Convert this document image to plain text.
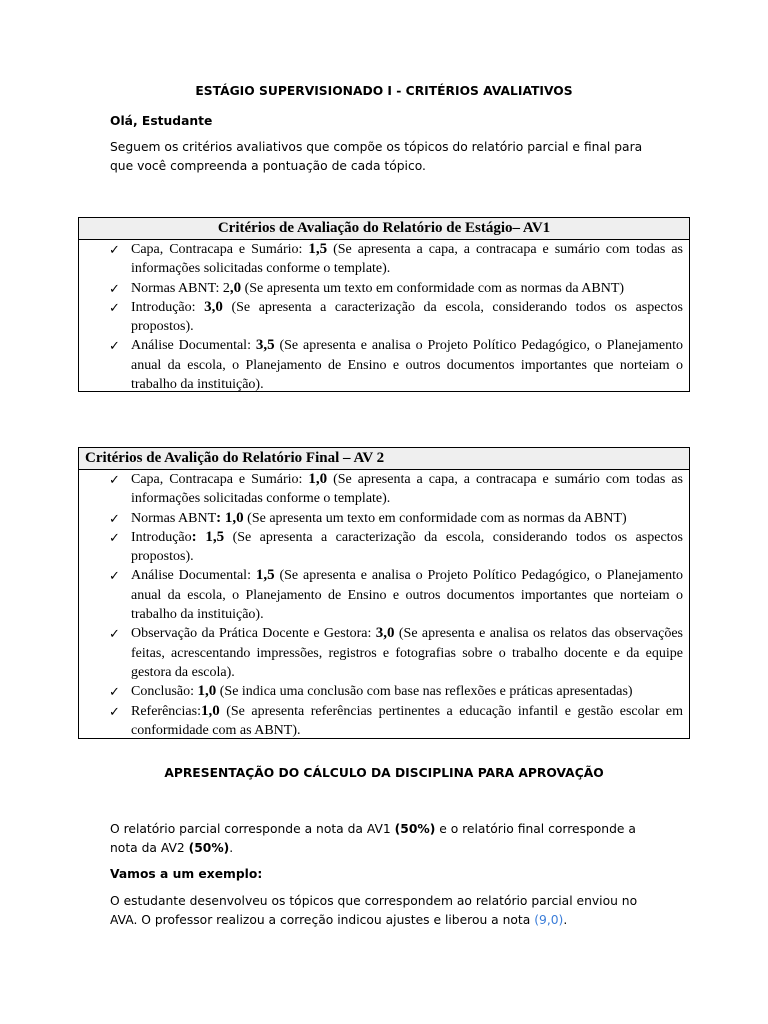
ESTÁGIO SUPERVISIONADO I - CRITÉRIOS AVALIATIVOS
Olá, Estudante
Seguem os critérios avaliativos que compõe os tópicos do relatório parcial e final para que você compreenda a pontuação de cada tópico.
Critérios de Avaliação do Relatório de Estágio– AV1
✓ Capa, Contracapa e Sumário: 1,5 (Se apresenta a capa, a contracapa e sumário com todas as informações solicitadas conforme o template).
✓ Normas ABNT: 2,0 (Se apresenta um texto em conformidade com as normas da ABNT)
✓ Introdução: 3,0 (Se apresenta a caracterização da escola, considerando todos os aspectos propostos).
✓ Análise Documental: 3,5 (Se apresenta e analisa o Projeto Político Pedagógico, o Planejamento anual da escola, o Planejamento de Ensino e outros documentos importantes que norteiam o trabalho da instituição).
Critérios de Avalição do Relatório Final – AV 2
✓ Capa, Contracapa e Sumário: 1,0 (Se apresenta a capa, a contracapa e sumário com todas as informações solicitadas conforme o template).
✓ Normas ABNT: 1,0 (Se apresenta um texto em conformidade com as normas da ABNT)
✓ Introdução: 1,5 (Se apresenta a caracterização da escola, considerando todos os aspectos propostos).
✓ Análise Documental: 1,5 (Se apresenta e analisa o Projeto Político Pedagógico, o Planejamento anual da escola, o Planejamento de Ensino e outros documentos importantes que norteiam o trabalho da instituição).
✓ Observação da Prática Docente e Gestora: 3,0 (Se apresenta e analisa os relatos das observações feitas, acrescentando impressões, registros e fotografias sobre o trabalho docente e da equipe gestora da escola).
✓ Conclusão: 1,0 (Se indica uma conclusão com base nas reflexões e práticas apresentadas)
✓ Referências:1,0 (Se apresenta referências pertinentes a educação infantil e gestão escolar em conformidade com as ABNT).
APRESENTAÇÃO DO CÁLCULO DA DISCIPLINA PARA APROVAÇÃO
O relatório parcial corresponde a nota da AV1 (50%) e o relatório final corresponde a nota da AV2 (50%).
Vamos a um exemplo:
O estudante desenvolveu os tópicos que correspondem ao relatório parcial enviou no AVA. O professor realizou a correção indicou ajustes e liberou a nota (9,0).
